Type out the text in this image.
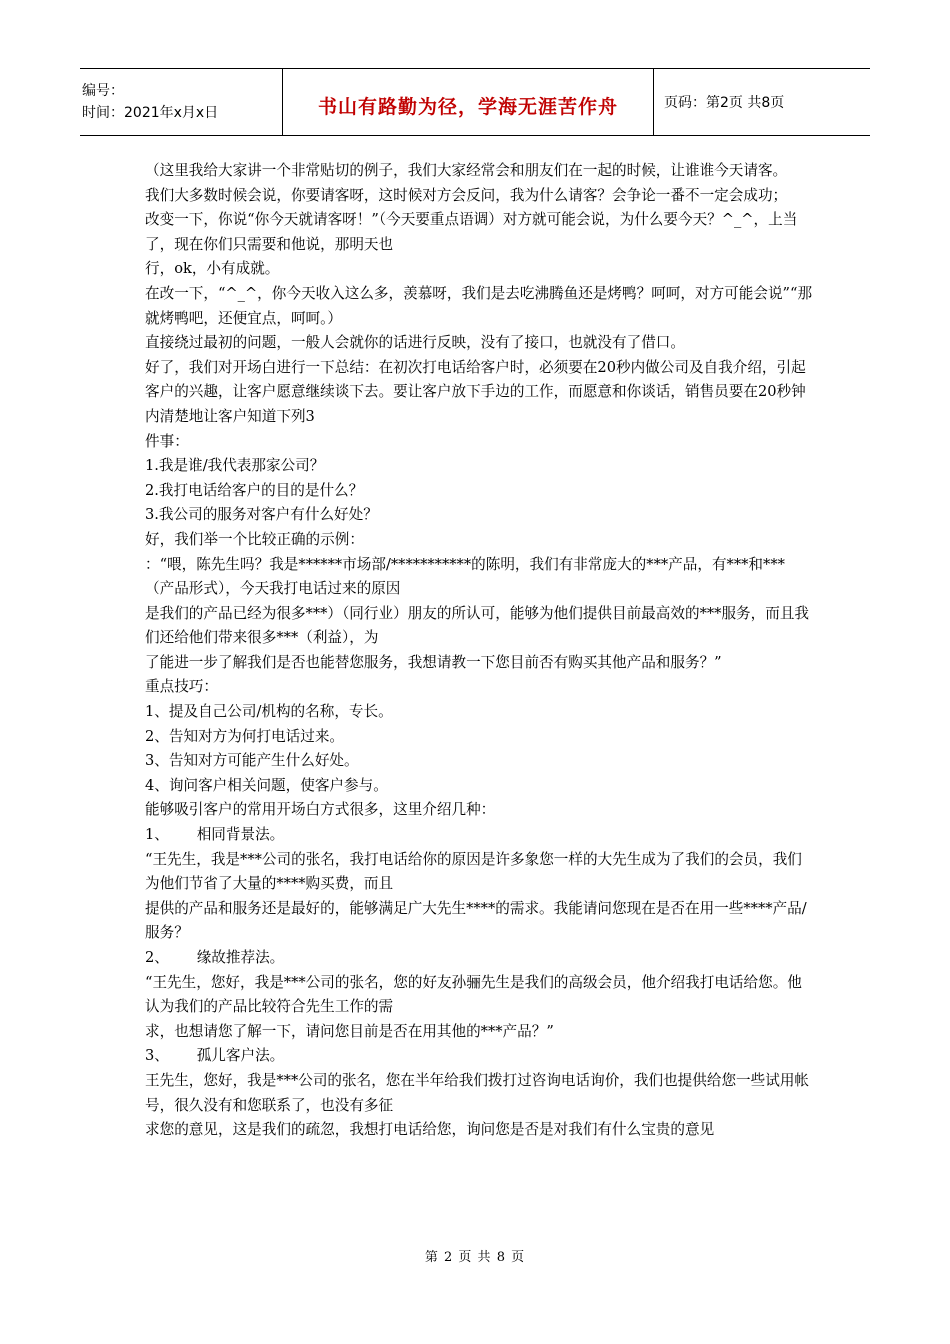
编号：
时间：2021年x月x日	书山有路勤为径，学海无涯苦作舟	页码：第2页 共8页

（这里我给大家讲一个非常贴切的例子，我们大家经常会和朋友们在一起的时候，让谁谁今天请客。

我们大多数时候会说，你要请客呀，这时候对方会反问，我为什么请客？会争论一番不一定会成功；

改变一下，你说“你今天就请客呀！”（今天要重点语调）对方就可能会说，为什么要今天？^_^，上当了，现在你们只需要和他说，那明天也

行，ok，小有成就。

在改一下，“^_^，你今天收入这么多，羡慕呀，我们是去吃沸腾鱼还是烤鸭？呵呵，对方可能会说”“那就烤鸭吧，还便宜点，呵呵。）

直接绕过最初的问题，一般人会就你的话进行反映，没有了接口，也就没有了借口。

好了，我们对开场白进行一下总结：在初次打电话给客户时，必须要在20秒内做公司及自我介绍，引起客户的兴趣，让客户愿意继续谈下去。要让客户放下手边的工作，而愿意和你谈话，销售员要在20秒钟内清楚地让客户知道下列3

件事：

1.我是谁/我代表那家公司？

2.我打电话给客户的目的是什么？

3.我公司的服务对客户有什么好处？

好，我们举一个比较正确的示例：

：“喂，陈先生吗？我是******市场部/***********的陈明，我们有非常庞大的***产品，有***和***（产品形式），今天我打电话过来的原因

是我们的产品已经为很多***）（同行业）朋友的所认可，能够为他们提供目前最高效的***服务，而且我们还给他们带来很多***（利益），为

了能进一步了解我们是否也能替您服务，我想请教一下您目前否有购买其他产品和服务？”

重点技巧：

1、提及自己公司/机构的名称，专长。

2、告知对方为何打电话过来。

3、告知对方可能产生什么好处。

4、询问客户相关问题，使客户参与。

能够吸引客户的常用开场白方式很多，这里介绍几种：

1、      相同背景法。

“王先生，我是***公司的张名，我打电话给你的原因是许多象您一样的大先生成为了我们的会员，我们为他们节省了大量的****购买费，而且

提供的产品和服务还是最好的，能够满足广大先生****的需求。我能请问您现在是否在用一些****产品/服务？

2、      缘故推荐法。

“王先生，您好，我是***公司的张名，您的好友孙骊先生是我们的高级会员，他介绍我打电话给您。他认为我们的产品比较符合先生工作的需

求，也想请您了解一下，请问您目前是否在用其他的***产品？”

3、      孤儿客户法。

王先生，您好，我是***公司的张名，您在半年给我们拨打过咨询电话询价，我们也提供给您一些试用帐号，很久没有和您联系了，也没有多征

求您的意见，这是我们的疏忽，我想打电话给您，询问您是否是对我们有什么宝贵的意见

第 2 页 共 8 页
